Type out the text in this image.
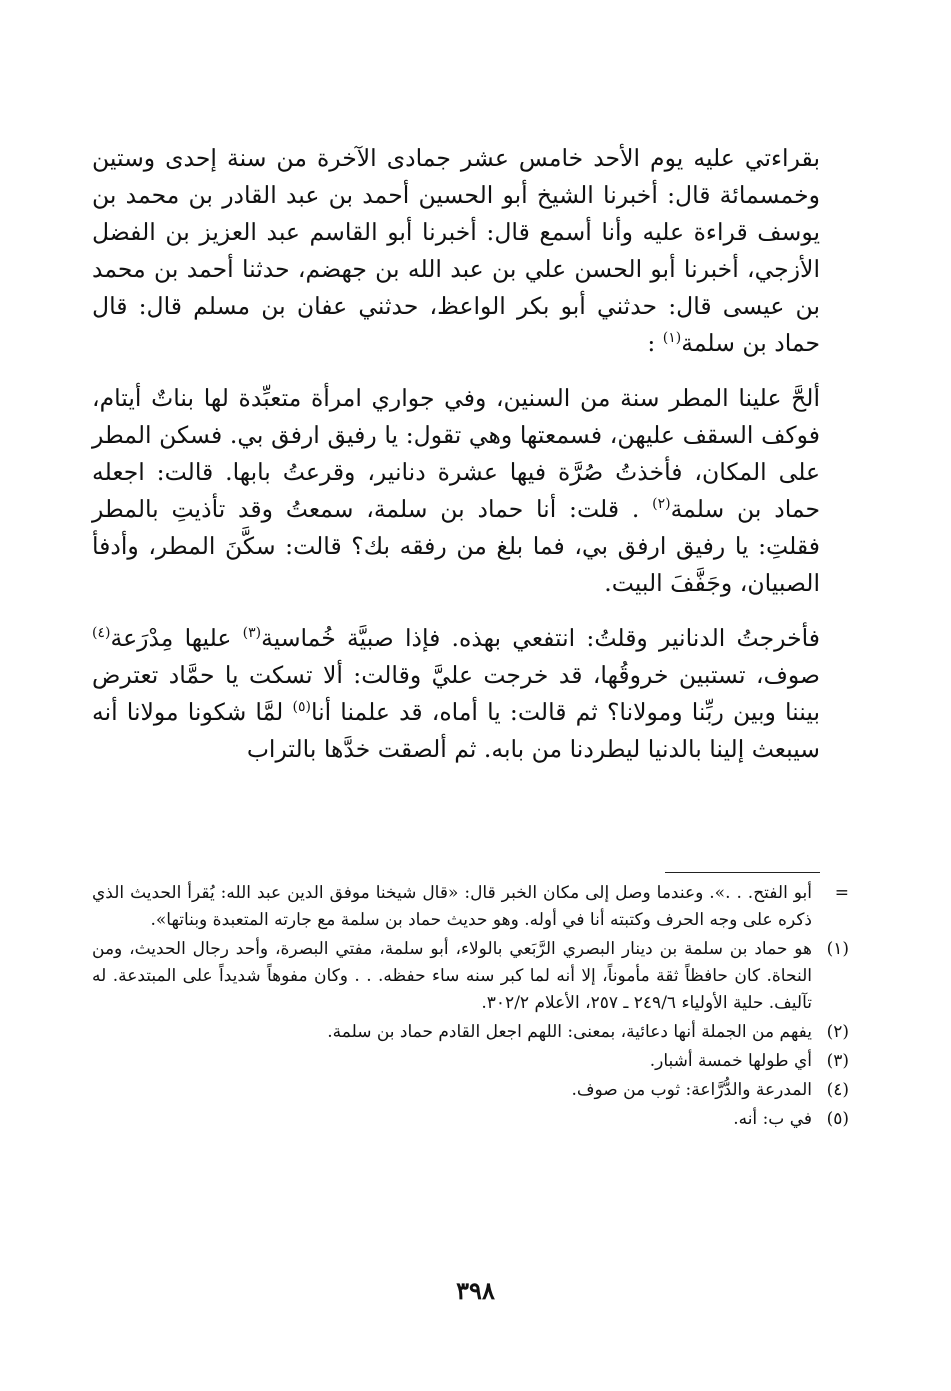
بقراءتي عليه يوم الأحد خامس عشر جمادى الآخرة من سنة إحدى وستين وخمسمائة قال: أخبرنا الشيخ أبو الحسين أحمد بن عبد القادر بن محمد بن يوسف قراءة عليه وأنا أسمع قال: أخبرنا أبو القاسم عبد العزيز بن الفضل الأزجي، أخبرنا أبو الحسن علي بن عبد الله بن جهضم، حدثنا أحمد بن محمد بن عيسى قال: حدثني أبو بكر الواعظ، حدثني عفان بن مسلم قال: قال حماد بن سلمة$^{(١)}$ :

ألحَّ علينا المطر سنة من السنين، وفي جواري امرأة متعبِّدة لها بناتٌ أيتام، فوكف السقف عليهن، فسمعتها وهي تقول: يا رفيق ارفق بي. فسكن المطر على المكان، فأخذتُ صُرَّة فيها عشرة دنانير، وقرعتُ بابها. قالت: اجعله حماد بن سلمة$^{(٢)}$ . قلت: أنا حماد بن سلمة، سمعتُ وقد تأذيتِ بالمطر فقلتِ: يا رفيق ارفق بي، فما بلغ من رفقه بك؟ قالت: سكَّنَ المطر، وأدفأ الصبيان، وجَفَّفَ البيت.

فأخرجتُ الدنانير وقلتُ: انتفعي بهذه. فإذا صبيَّة خُماسية$^{(٣)}$ عليها مِدْرَعة$^{(٤)}$ صوف، تستبين خروقُها، قد خرجت عليَّ وقالت: ألا تسكت يا حمَّاد تعترض بيننا وبين ربِّنا ومولانا؟ ثم قالت: يا أماه، قد علمنا أنا$^{(٥)}$ لمَّا شكونا مولانا أنه سيبعث إلينا بالدنيا ليطردنا من بابه. ثم ألصقت خدَّها بالتراب

=
أبو الفتح. . .». وعندما وصل إلى مكان الخبر قال: «قال شيخنا موفق الدين عبد الله: يُقرأ الحديث الذي ذكره على وجه الحرف وكتبته أنا في أوله. وهو حديث حماد بن سلمة مع جارته المتعبدة وبناتها».
(١)
هو حماد بن سلمة بن دينار البصري الرَّبَعي بالولاء، أبو سلمة، مفتي البصرة، وأحد رجال الحديث، ومن النحاة. كان حافظاً ثقة مأموناً، إلا أنه لما كبر سنه ساء حفظه. . . وكان مفوهاً شديداً على المبتدعة. له تآليف. حلية الأولياء ٢٤٩/٦ ـ ٢٥٧، الأعلام ٣٠٢/٢.
(٢)
يفهم من الجملة أنها دعائية، بمعنى: اللهم اجعل القادم حماد بن سلمة.
(٣)
أي طولها خمسة أشبار.
(٤)
المدرعة والدُّرَّاعة: ثوب من صوف.
(٥)
في ب: أنه.
٣٩٨
